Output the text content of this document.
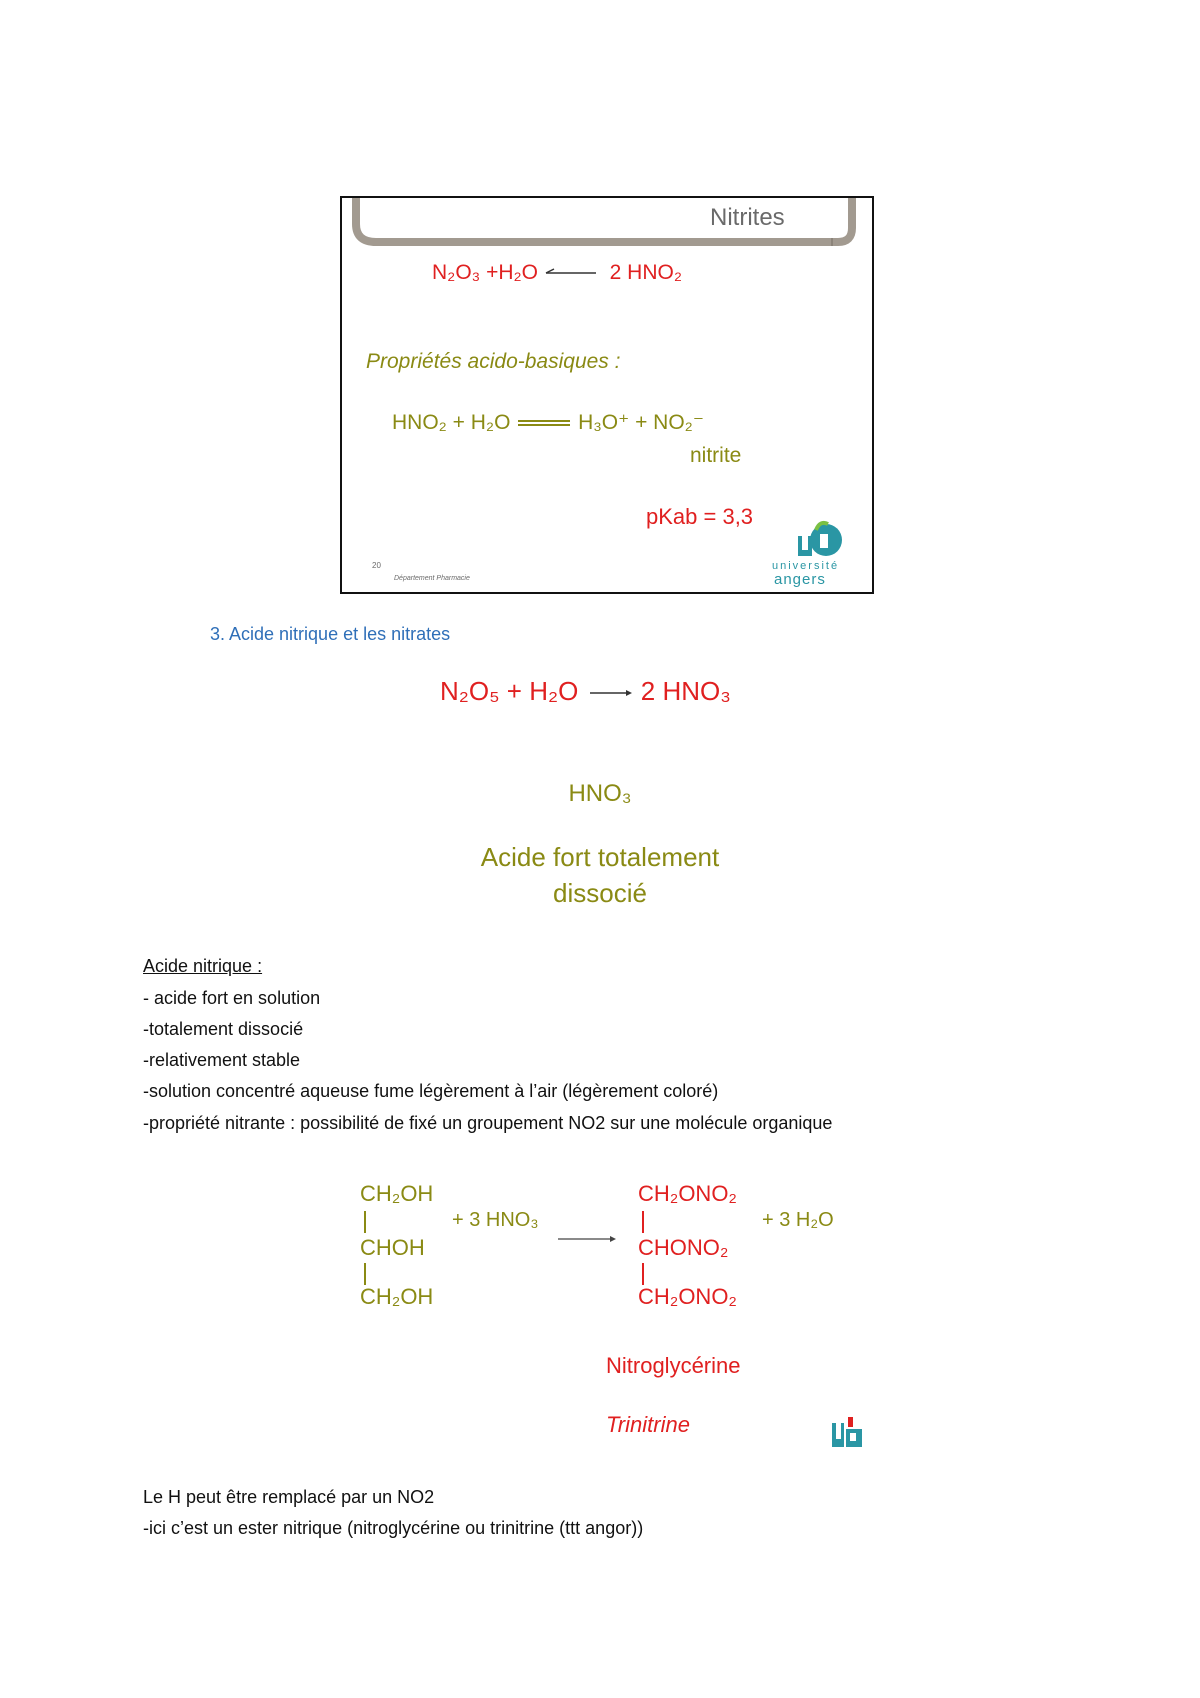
Nitrites
N₂O₃ +H₂O	2 HNO₂
Propriétés acido-basiques :
HNO₂ + H₂O	H₃O⁺ + NO₂⁻
nitrite
pKab = 3,3
20
Département Pharmacie
université
angers
3. Acide nitrique et les nitrates
N₂O₅ + H₂O 2 HNO₃
HNO₃
Acide fort totalement
dissocié
Acide nitrique :
- acide fort en solution
-totalement dissocié
-relativement stable
-solution concentré aqueuse fume légèrement à l’air (légèrement coloré)
-propriété nitrante : possibilité de fixé un groupement NO2 sur une molécule organique
CH₂OH
CHOH
CH₂OH
+ 3 HNO₃
CH₂ONO₂
CHONO₂
CH₂ONO₂
+ 3 H₂O
Nitroglycérine
Trinitrine
Le H peut être remplacé par un NO2
-ici c’est un ester nitrique (nitroglycérine ou trinitrine (ttt angor))
